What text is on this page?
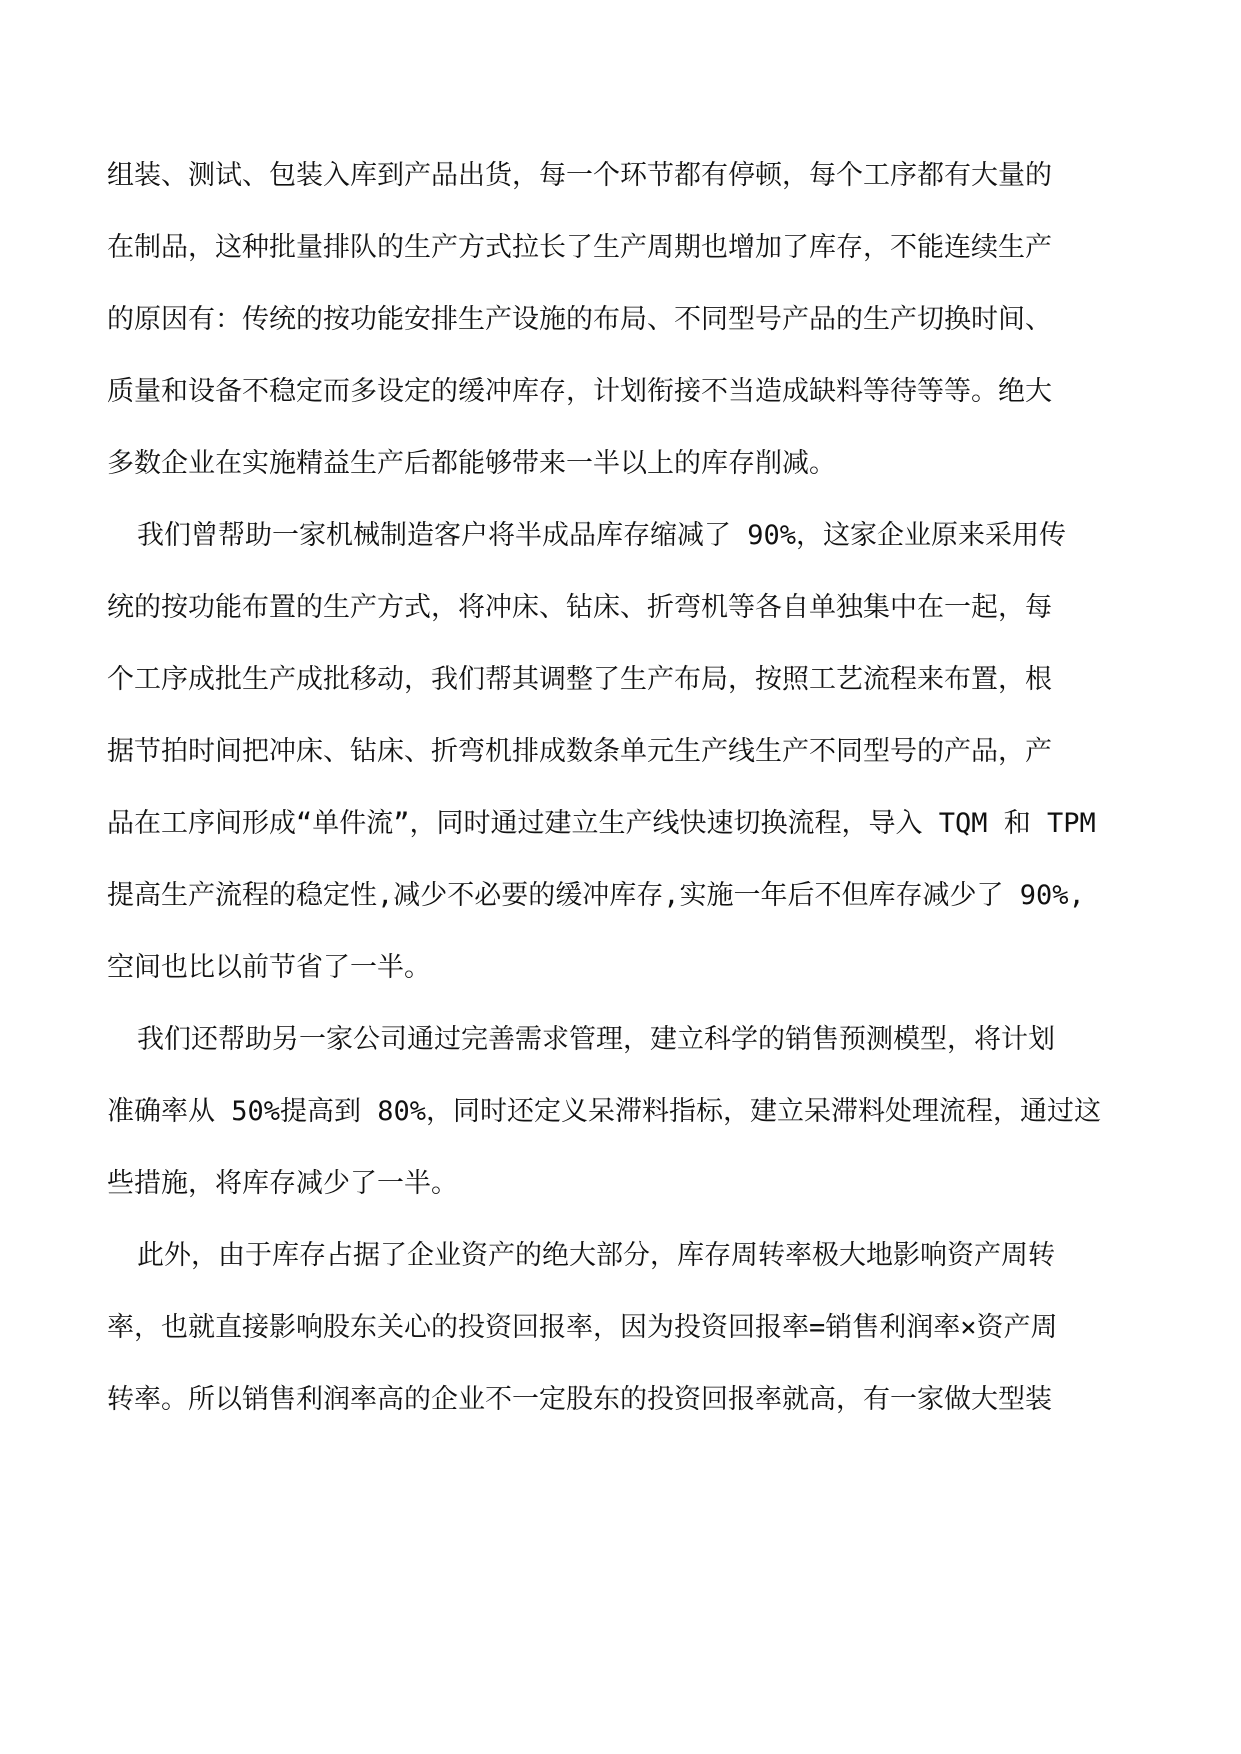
组装、测试、包装入库到产品出货，每一个环节都有停顿，每个工序都有大量的
在制品，这种批量排队的生产方式拉长了生产周期也增加了库存，不能连续生产
的原因有：传统的按功能安排生产设施的布局、不同型号产品的生产切换时间、
质量和设备不稳定而多设定的缓冲库存，计划衔接不当造成缺料等待等等。绝大
多数企业在实施精益生产后都能够带来一半以上的库存削减。
我们曾帮助一家机械制造客户将半成品库存缩减了 90%，这家企业原来采用传
统的按功能布置的生产方式，将冲床、钻床、折弯机等各自单独集中在一起，每
个工序成批生产成批移动，我们帮其调整了生产布局，按照工艺流程来布置，根
据节拍时间把冲床、钻床、折弯机排成数条单元生产线生产不同型号的产品，产
品在工序间形成“单件流”，同时通过建立生产线快速切换流程，导入 TQM 和 TPM
提高生产流程的稳定性,减少不必要的缓冲库存,实施一年后不但库存减少了 90%,
空间也比以前节省了一半。
我们还帮助另一家公司通过完善需求管理，建立科学的销售预测模型，将计划
准确率从 50%提高到 80%，同时还定义呆滞料指标，建立呆滞料处理流程，通过这
些措施，将库存减少了一半。
此外，由于库存占据了企业资产的绝大部分，库存周转率极大地影响资产周转
率，也就直接影响股东关心的投资回报率，因为投资回报率=销售利润率×资产周
转率。所以销售利润率高的企业不一定股东的投资回报率就高，有一家做大型装
